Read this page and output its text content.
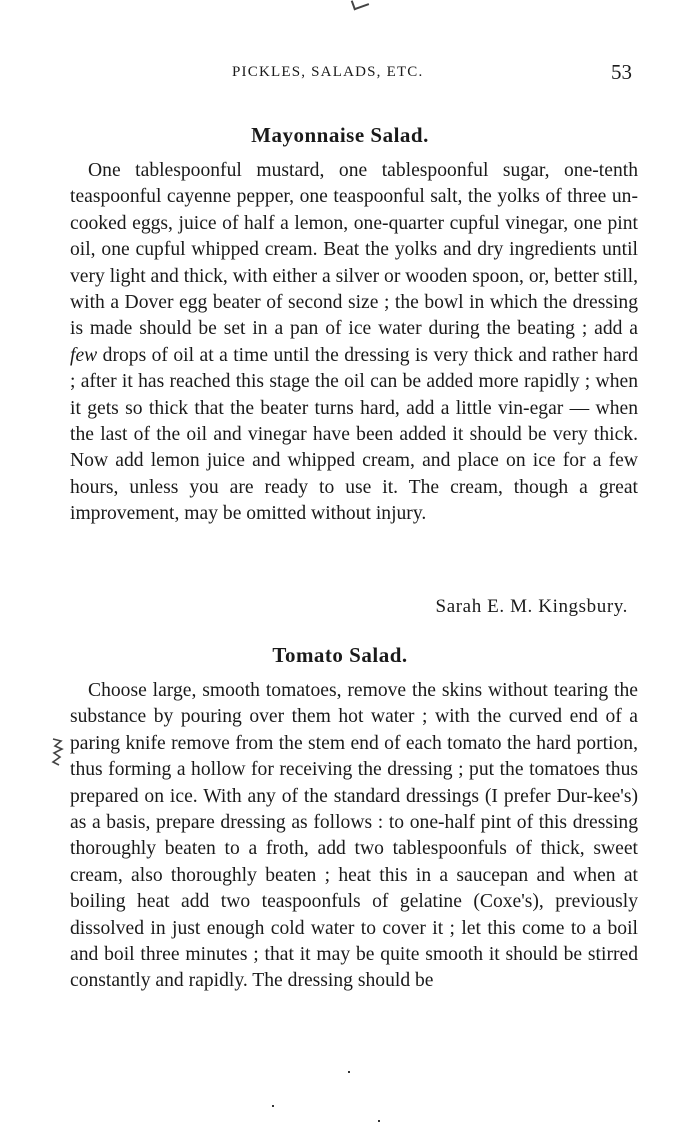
PICKLES, SALADS, ETC.	53
Mayonnaise Salad.

One tablespoonful mustard, one tablespoonful sugar, one-tenth teaspoonful cayenne pepper, one teaspoonful salt, the yolks of three un-cooked eggs, juice of half a lemon, one-quarter cupful vinegar, one pint oil, one cupful whipped cream. Beat the yolks and dry ingredients until very light and thick, with either a silver or wooden spoon, or, better still, with a Dover egg beater of second size ; the bowl in which the dressing is made should be set in a pan of ice water during the beating ; add a few drops of oil at a time until the dressing is very thick and rather hard ; after it has reached this stage the oil can be added more rapidly ; when it gets so thick that the beater turns hard, add a little vin-egar — when the last of the oil and vinegar have been added it should be very thick. Now add lemon juice and whipped cream, and place on ice for a few hours, unless you are ready to use it. The cream, though a great improvement, may be omitted without injury.

Sarah E. M. Kingsbury.
Tomato Salad.

Choose large, smooth tomatoes, remove the skins without tearing the substance by pouring over them hot water ; with the curved end of a paring knife remove from the stem end of each tomato the hard portion, thus forming a hollow for receiving the dressing ; put the tomatoes thus prepared on ice. With any of the standard dressings (I prefer Dur-kee's) as a basis, prepare dressing as follows : to one-half pint of this dressing thoroughly beaten to a froth, add two tablespoonfuls of thick, sweet cream, also thoroughly beaten ; heat this in a saucepan and when at boiling heat add two teaspoonfuls of gelatine (Coxe's), previously dissolved in just enough cold water to cover it ; let this come to a boil and boil three minutes ; that it may be quite smooth it should be stirred constantly and rapidly. The dressing should be
